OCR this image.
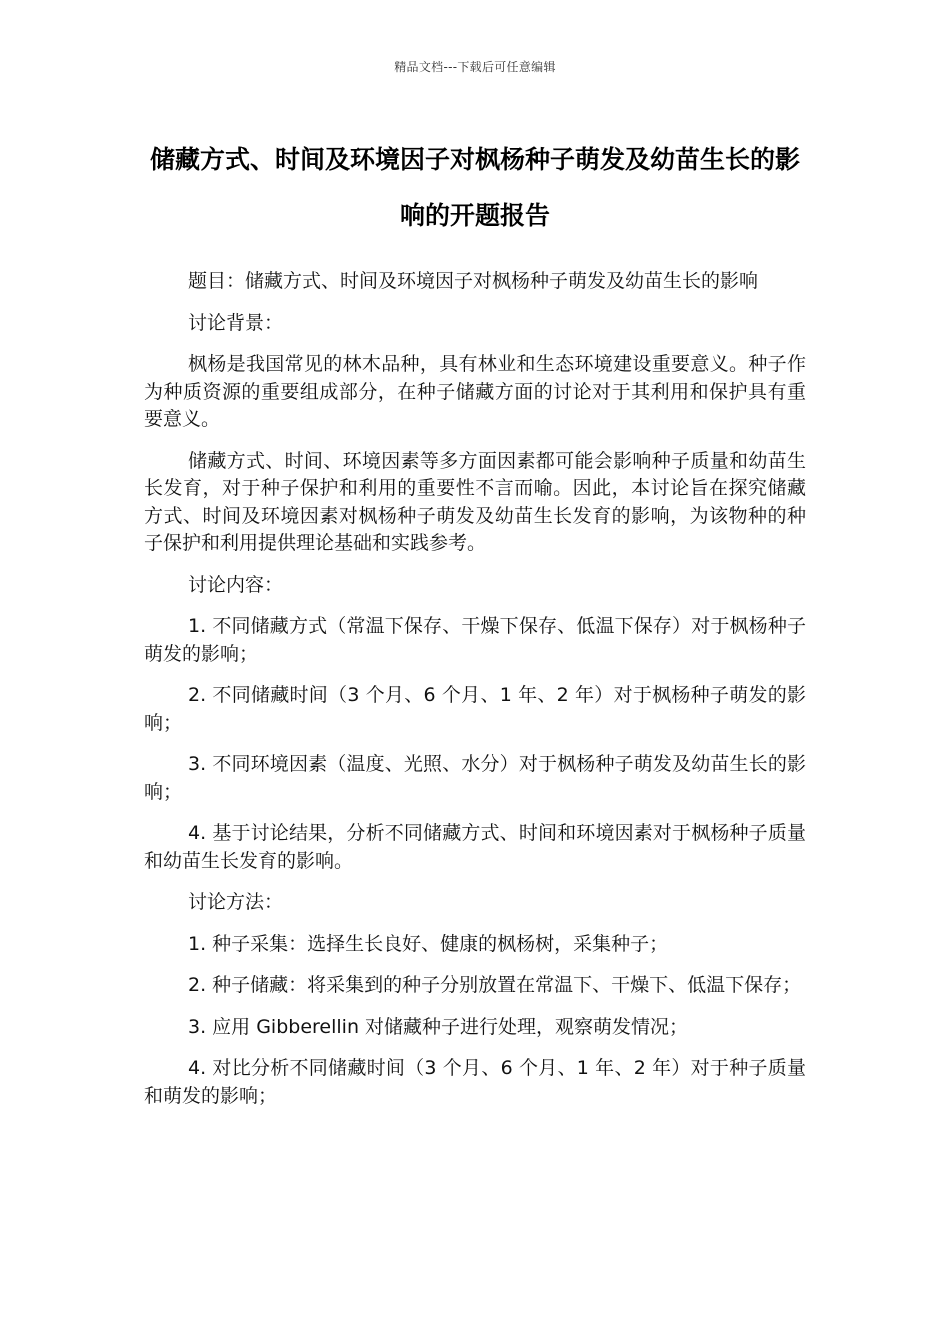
精品文档---下载后可任意编辑
储藏方式、时间及环境因子对枫杨种子萌发及幼苗生长的影响的开题报告

题目：储藏方式、时间及环境因子对枫杨种子萌发及幼苗生长的影响

讨论背景：

枫杨是我国常见的林木品种，具有林业和生态环境建设重要意义。种子作为种质资源的重要组成部分，在种子储藏方面的讨论对于其利用和保护具有重要意义。

储藏方式、时间、环境因素等多方面因素都可能会影响种子质量和幼苗生长发育，对于种子保护和利用的重要性不言而喻。因此，本讨论旨在探究储藏方式、时间及环境因素对枫杨种子萌发及幼苗生长发育的影响，为该物种的种子保护和利用提供理论基础和实践参考。

讨论内容：

1. 不同储藏方式（常温下保存、干燥下保存、低温下保存）对于枫杨种子萌发的影响；

2. 不同储藏时间（3 个月、6 个月、1 年、2 年）对于枫杨种子萌发的影响；

3. 不同环境因素（温度、光照、水分）对于枫杨种子萌发及幼苗生长的影响；

4. 基于讨论结果，分析不同储藏方式、时间和环境因素对于枫杨种子质量和幼苗生长发育的影响。

讨论方法：

1. 种子采集：选择生长良好、健康的枫杨树，采集种子；

2. 种子储藏：将采集到的种子分别放置在常温下、干燥下、低温下保存；

3. 应用 Gibberellin 对储藏种子进行处理，观察萌发情况；

4. 对比分析不同储藏时间（3 个月、6 个月、1 年、2 年）对于种子质量和萌发的影响；
